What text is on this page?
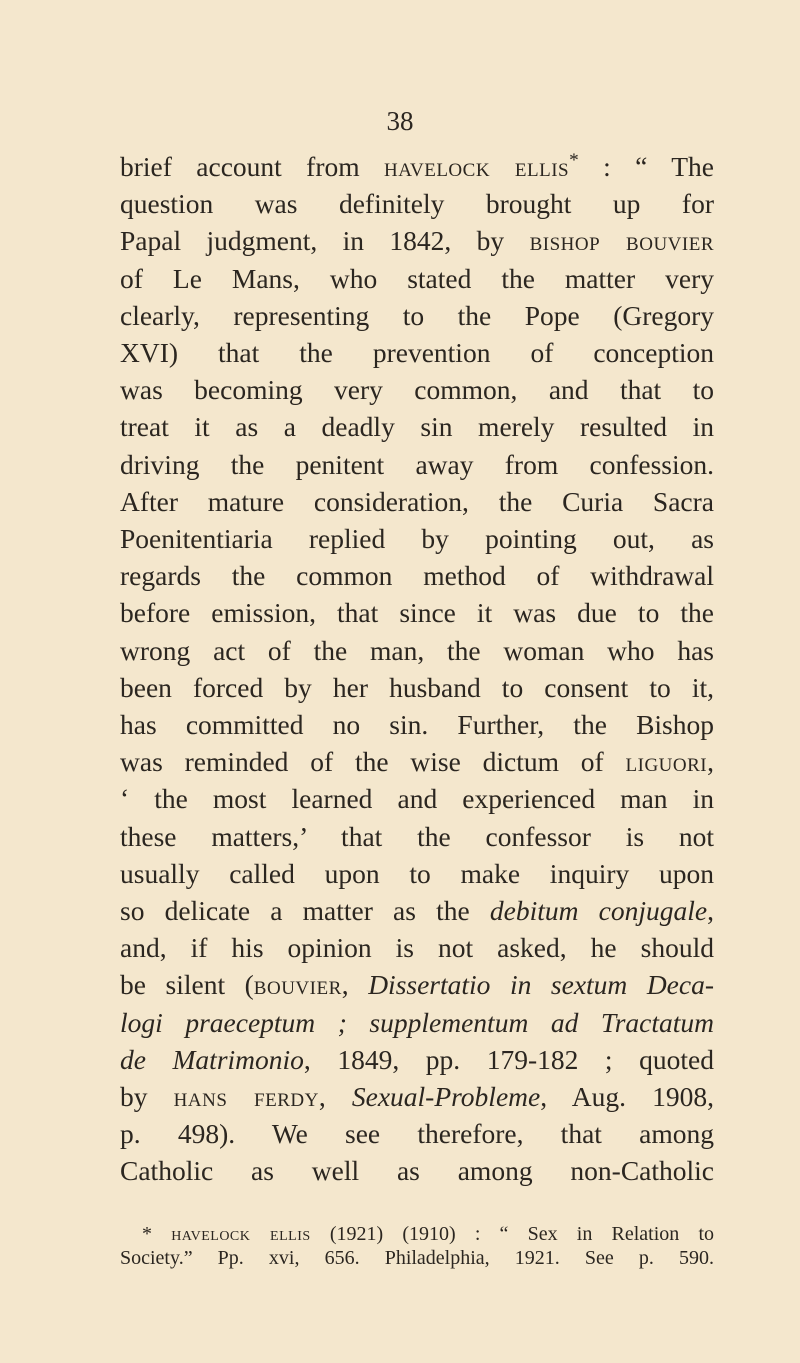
38
brief account from havelock ellis* : “ The
question was definitely brought up for
Papal judgment, in 1842, by bishop bouvier
of Le Mans, who stated the matter very
clearly, representing to the Pope (Gregory
XVI) that the prevention of conception
was becoming very common, and that to
treat it as a deadly sin merely resulted in
driving the penitent away from confession.
After mature consideration, the Curia Sacra
Poenitentiaria replied by pointing out, as
regards the common method of withdrawal
before emission, that since it was due to the
wrong act of the man, the woman who has
been forced by her husband to consent to it,
has committed no sin. Further, the Bishop
was reminded of the wise dictum of liguori,
‘ the most learned and experienced man in
these matters,’ that the confessor is not
usually called upon to make inquiry upon
so delicate a matter as the debitum conjugale,
and, if his opinion is not asked, he should
be silent (bouvier, Dissertatio in sextum Deca-
logi praeceptum ; supplementum ad Tractatum
de Matrimonio, 1849, pp. 179-182 ; quoted
by hans ferdy, Sexual-Probleme, Aug. 1908,
p. 498). We see therefore, that among
Catholic as well as among non-Catholic
* havelock ellis (1921) (1910) : “ Sex in Relation to
Society.” Pp. xvi, 656. Philadelphia, 1921. See p. 590.
